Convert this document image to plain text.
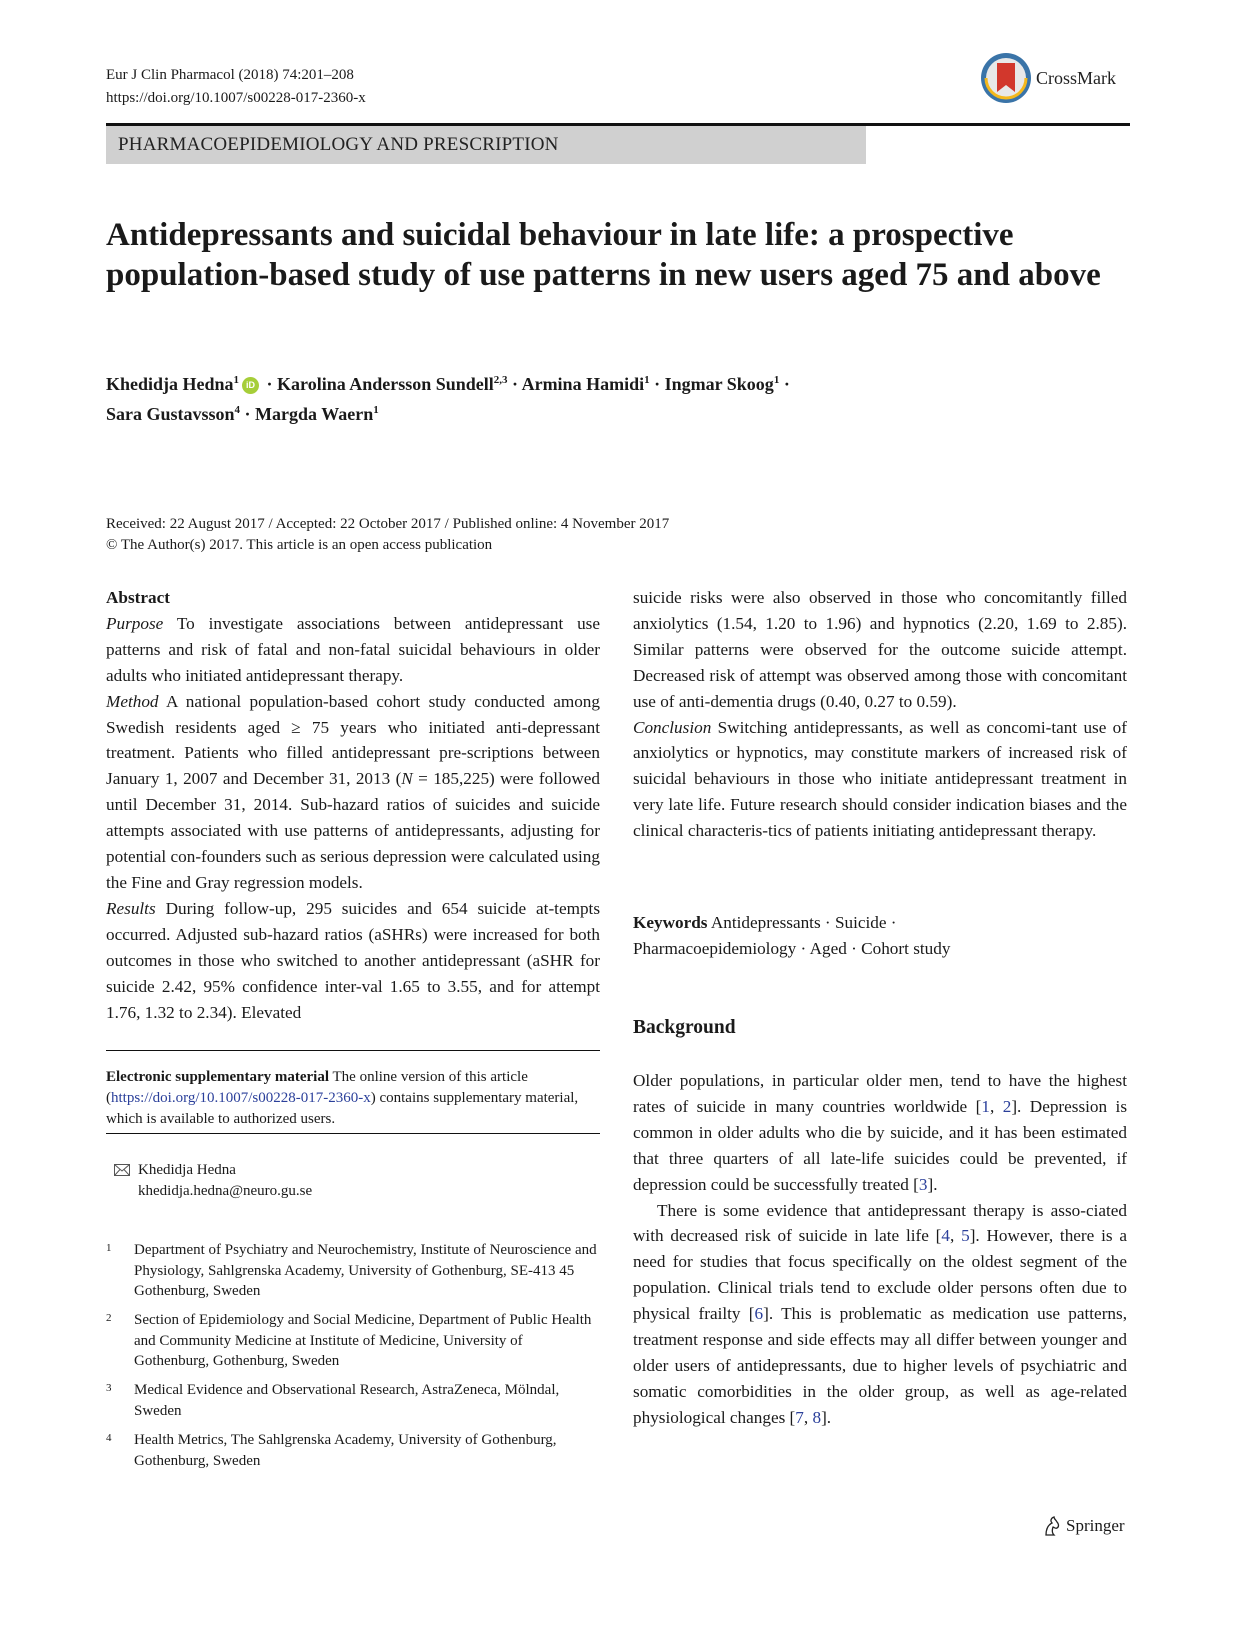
Eur J Clin Pharmacol (2018) 74:201–208
https://doi.org/10.1007/s00228-017-2360-x
CrossMark
PHARMACOEPIDEMIOLOGY AND PRESCRIPTION
Antidepressants and suicidal behaviour in late life: a prospective population-based study of use patterns in new users aged 75 and above
Khedidja Hedna$^1$ iD · Karolina Andersson Sundell$^{2,3}$ · Armina Hamidi$^1$ · Ingmar Skoog$^1$ ·
Sara Gustavsson$^4$ · Margda Waern$^1$
Received: 22 August 2017 / Accepted: 22 October 2017 / Published online: 4 November 2017
© The Author(s) 2017. This article is an open access publication

Abstract

Purpose To investigate associations between antidepressant use patterns and risk of fatal and non-fatal suicidal behaviours in older adults who initiated antidepressant therapy.

Method A national population-based cohort study conducted among Swedish residents aged ≥ 75 years who initiated anti-depressant treatment. Patients who filled antidepressant pre-scriptions between January 1, 2007 and December 31, 2013 (N = 185,225) were followed until December 31, 2014. Sub-hazard ratios of suicides and suicide attempts associated with use patterns of antidepressants, adjusting for potential con-founders such as serious depression were calculated using the Fine and Gray regression models.

Results During follow-up, 295 suicides and 654 suicide at-tempts occurred. Adjusted sub-hazard ratios (aSHRs) were increased for both outcomes in those who switched to another antidepressant (aSHR for suicide 2.42, 95% confidence inter-val 1.65 to 3.55, and for attempt 1.76, 1.32 to 2.34). Elevated

Electronic supplementary material The online version of this article (https://doi.org/10.1007/s00228-017-2360-x) contains supplementary material, which is available to authorized users.
Khedidja Hedna
khedidja.hedna@neuro.gu.se
1 Department of Psychiatry and Neurochemistry, Institute of Neuroscience and Physiology, Sahlgrenska Academy, University of Gothenburg, SE-413 45 Gothenburg, Sweden
2 Section of Epidemiology and Social Medicine, Department of Public Health and Community Medicine at Institute of Medicine, University of Gothenburg, Gothenburg, Sweden
3 Medical Evidence and Observational Research, AstraZeneca, Mölndal, Sweden
4 Health Metrics, The Sahlgrenska Academy, University of Gothenburg, Gothenburg, Sweden

suicide risks were also observed in those who concomitantly filled anxiolytics (1.54, 1.20 to 1.96) and hypnotics (2.20, 1.69 to 2.85). Similar patterns were observed for the outcome suicide attempt. Decreased risk of attempt was observed among those with concomitant use of anti-dementia drugs (0.40, 0.27 to 0.59).

Conclusion Switching antidepressants, as well as concomi-tant use of anxiolytics or hypnotics, may constitute markers of increased risk of suicidal behaviours in those who initiate antidepressant treatment in very late life. Future research should consider indication biases and the clinical characteris-tics of patients initiating antidepressant therapy.

Keywords Antidepressants · Suicide ·
Pharmacoepidemiology · Aged · Cohort study
Background

Older populations, in particular older men, tend to have the highest rates of suicide in many countries worldwide [1, 2]. Depression is common in older adults who die by suicide, and it has been estimated that three quarters of all late-life suicides could be prevented, if depression could be successfully treated [3].

There is some evidence that antidepressant therapy is asso-ciated with decreased risk of suicide in late life [4, 5]. However, there is a need for studies that focus specifically on the oldest segment of the population. Clinical trials tend to exclude older persons often due to physical frailty [6]. This is problematic as medication use patterns, treatment response and side effects may all differ between younger and older users of antidepressants, due to higher levels of psychiatric and somatic comorbidities in the older group, as well as age-related physiological changes [7, 8].

Springer
